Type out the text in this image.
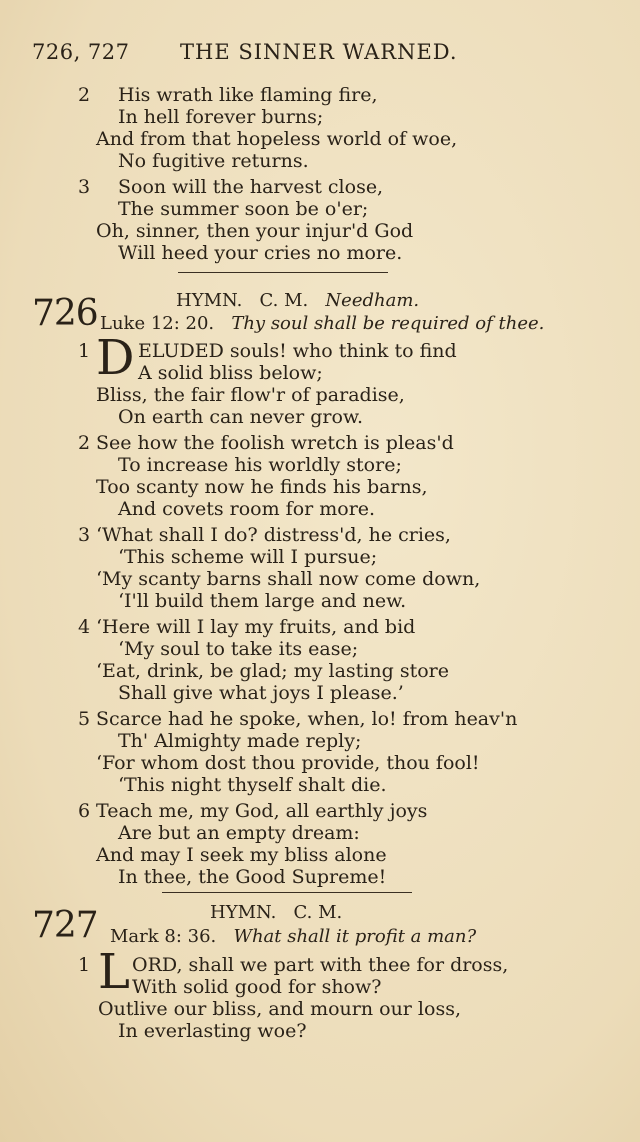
726, 727 THE SINNER WARNED.
2 His wrath like flaming fire,
In hell forever burns;
And from that hopeless world of woe,
No fugitive returns.
3 Soon will the harvest close,
The summer soon be o'er;
Oh, sinner, then your injur'd God
Will heed your cries no more.
726	HYMN. C. M. Needham.
Luke 12: 20. Thy soul shall be required of thee.
1 D ELUDED souls! who think to find
A solid bliss below;
Bliss, the fair flow'r of paradise,
On earth can never grow.
2 See how the foolish wretch is pleas'd
To increase his worldly store;
Too scanty now he finds his barns,
And covets room for more.
3 ‘What shall I do? distress'd, he cries,
‘This scheme will I pursue;
‘My scanty barns shall now come down,
‘I'll build them large and new.
4 ‘Here will I lay my fruits, and bid
‘My soul to take its ease;
‘Eat, drink, be glad; my lasting store
Shall give what joys I please.’
5 Scarce had he spoke, when, lo! from heav'n
Th' Almighty made reply;
‘For whom dost thou provide, thou fool!
‘This night thyself shalt die.
6 Teach me, my God, all earthly joys
Are but an empty dream:
And may I seek my bliss alone
In thee, the Good Supreme!
727	HYMN. C. M.
Mark 8: 36. What shall it profit a man?
1 L ORD, shall we part with thee for dross,
With solid good for show?
Outlive our bliss, and mourn our loss,
In everlasting woe?
